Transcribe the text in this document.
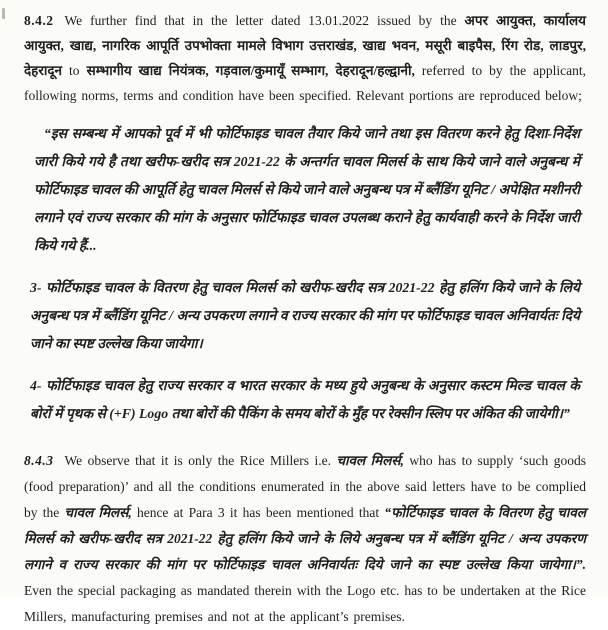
8.4.2 We further find that in the letter dated 13.01.2022 issued by the अपर आयुक्त, कार्यालय आयुक्त, खाद्य, नागरिक आपूर्ति उपभोक्ता मामले विभाग उत्तराखंड, खाद्य भवन, मसूरी बाइपैस, रिंग रोड, लाडपुर, देहरादून to सम्भागीय खाद्य नियंत्रक, गड़वाल/कुमायूँ सम्भाग, देहरादून/हल्द्वानी, referred to by the applicant, following norms, terms and condition have been specified. Relevant portions are reproduced below;

“इस सम्बन्ध में आपको पूर्व में भी फोर्टिफाइड चावल तैयार किये जाने तथा इस वितरण करने हेतु दिशा-निर्देश जारी किये गये है तथा खरीफ-खरीद सत्र 2021-22 के अन्तर्गत चावल मिलर्स के साथ किये जाने वाले अनुबन्ध में फोर्टिफाइड चावल की आपूर्ति हेतु चावल मिलर्स से किये जाने वाले अनुबन्ध पत्र में ब्लैंडिंग यूनिट / अपेक्षित मशीनरी लगाने एवं राज्य सरकार की मांग के अनुसार फोर्टिफाइड चावल उपलब्ध कराने हेतु कार्यवाही करने के निर्देश जारी किये गये हैं...

3- फोर्टिफाइड चावल के वितरण हेतु चावल मिलर्स को खरीफ-खरीद सत्र 2021-22 हेतु हलिंग किये जाने के लिये अनुबन्ध पत्र में ब्लैंडिंग यूनिट / अन्य उपकरण लगाने व राज्य सरकार की मांग पर फोर्टिफाइड चावल अनिवार्यतः दिये जाने का स्पष्ट उल्लेख किया जायेगा।

4- फोर्टिफाइड चावल हेतु राज्य सरकार व भारत सरकार के मध्य हुये अनुबन्ध के अनुसार कस्टम मिल्ड चावल के बोरों में पृथक से (+F) Logo तथा बोरों की पैकिंग के समय बोरों के मुँह पर रेक्सीन स्लिप पर अंकित की जायेगी।”

8.4.3 We observe that it is only the Rice Millers i.e. चावल मिलर्स, who has to supply ‘such goods (food preparation)’ and all the conditions enumerated in the above said letters have to be complied by the चावल मिलर्स, hence at Para 3 it has been mentioned that “फोर्टिफाइड चावल के वितरण हेतु चावल मिलर्स को खरीफ-खरीद सत्र 2021-22 हेतु हलिंग किये जाने के लिये अनुबन्ध पत्र में ब्लैंडिंग यूनिट / अन्य उपकरण लगाने व राज्य सरकार की मांग पर फोर्टिफाइड चावल अनिवार्यतः दिये जाने का स्पष्ट उल्लेख किया जायेगा।”. Even the special packaging as mandated therein with the Logo etc. has to be undertaken at the Rice Millers, manufacturing premises and not at the applicant’s premises.
